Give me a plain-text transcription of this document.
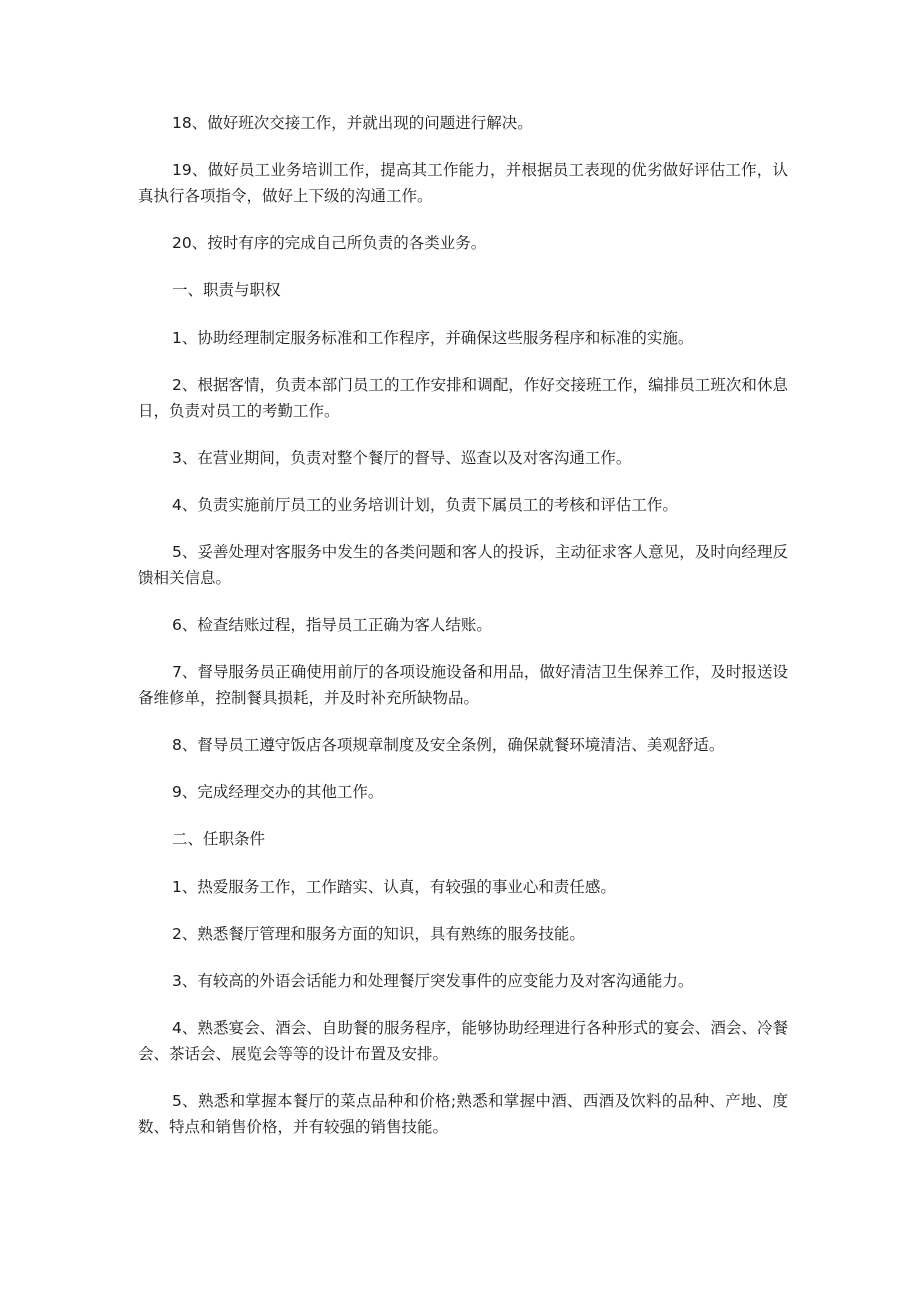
18、做好班次交接工作，并就出现的问题进行解决。

19、做好员工业务培训工作，提高其工作能力，并根据员工表现的优劣做好评估工作，认真执行各项指令，做好上下级的沟通工作。

20、按时有序的完成自己所负责的各类业务。

一、职责与职权

1、协助经理制定服务标准和工作程序，并确保这些服务程序和标准的实施。

2、根据客情，负责本部门员工的工作安排和调配，作好交接班工作，编排员工班次和休息日，负责对员工的考勤工作。

3、在营业期间，负责对整个餐厅的督导、巡查以及对客沟通工作。

4、负责实施前厅员工的业务培训计划，负责下属员工的考核和评估工作。

5、妥善处理对客服务中发生的各类问题和客人的投诉，主动征求客人意见，及时向经理反馈相关信息。

6、检查结账过程，指导员工正确为客人结账。

7、督导服务员正确使用前厅的各项设施设备和用品，做好清洁卫生保养工作，及时报送设备维修单，控制餐具损耗，并及时补充所缺物品。

8、督导员工遵守饭店各项规章制度及安全条例，确保就餐环境清洁、美观舒适。

9、完成经理交办的其他工作。

二、任职条件

1、热爱服务工作，工作踏实、认真，有较强的事业心和责任感。

2、熟悉餐厅管理和服务方面的知识，具有熟练的服务技能。

3、有较高的外语会话能力和处理餐厅突发事件的应变能力及对客沟通能力。

4、熟悉宴会、酒会、自助餐的服务程序，能够协助经理进行各种形式的宴会、酒会、冷餐会、茶话会、展览会等等的设计布置及安排。

5、熟悉和掌握本餐厅的菜点品种和价格;熟悉和掌握中酒、西酒及饮料的品种、产地、度数、特点和销售价格，并有较强的销售技能。
